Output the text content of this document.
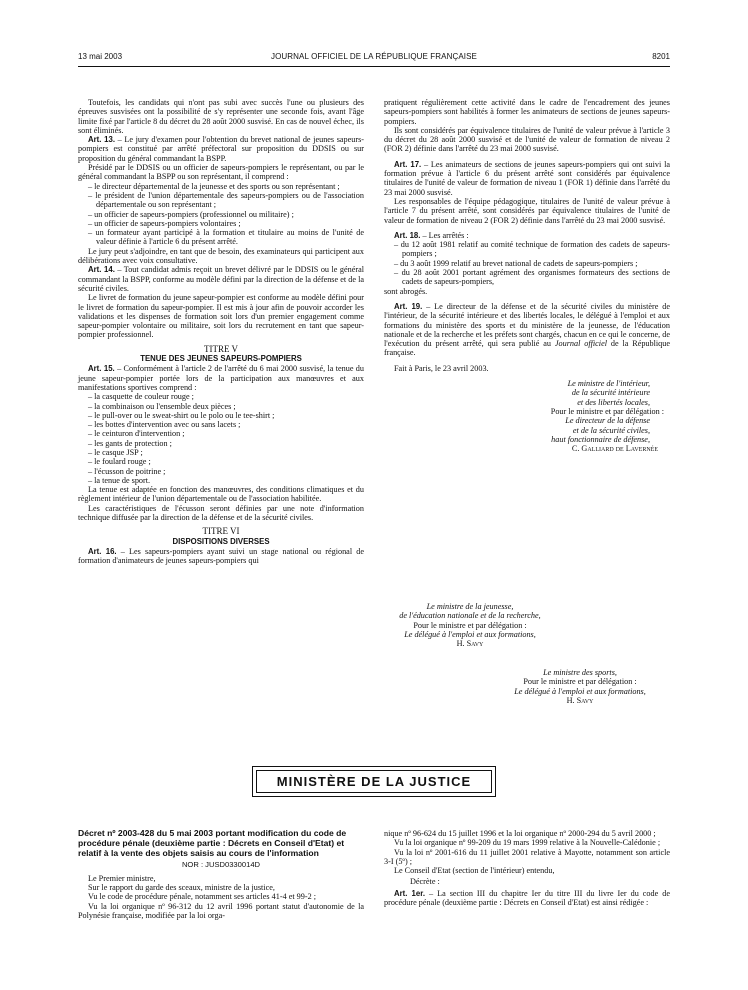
13 mai 2003	JOURNAL OFFICIEL DE LA RÉPUBLIQUE FRANÇAISE	8201

Toutefois, les candidats qui n'ont pas subi avec succès l'une ou plusieurs des épreuves susvisées ont la possibilité de s'y représenter une seconde fois, avant l'âge limite fixé par l'article 8 du décret du 28 août 2000 susvisé. En cas de nouvel échec, ils sont éliminés.

Art. 13. – Le jury d'examen pour l'obtention du brevet national de jeunes sapeurs-pompiers est constitué par arrêté préfectoral sur proposition du DDSIS ou sur proposition du général commandant la BSPP.

Présidé par le DDSIS ou un officier de sapeurs-pompiers le représentant, ou par le général commandant la BSPP ou son représentant, il comprend :

– le directeur départemental de la jeunesse et des sports ou son représentant ;

– le président de l'union départementale des sapeurs-pompiers ou de l'association départementale ou son représentant ;

– un officier de sapeurs-pompiers (professionnel ou militaire) ;

– un officier de sapeurs-pompiers volontaires ;

– un formateur ayant participé à la formation et titulaire au moins de l'unité de valeur définie à l'article 6 du présent arrêté.

Le jury peut s'adjoindre, en tant que de besoin, des examinateurs qui participent aux délibérations avec voix consultative.

Art. 14. – Tout candidat admis reçoit un brevet délivré par le DDSIS ou le général commandant la BSPP, conforme au modèle défini par la direction de la défense et de la sécurité civiles.

Le livret de formation du jeune sapeur-pompier est conforme au modèle défini pour le livret de formation du sapeur-pompier. Il est mis à jour afin de pouvoir accorder les validations et les dispenses de formation soit lors d'un premier engagement comme sapeur-pompier volontaire ou militaire, soit lors du recrutement en tant que sapeur-pompier professionnel.

TITRE V
TENUE DES JEUNES SAPEURS-POMPIERS

Art. 15. – Conformément à l'article 2 de l'arrêté du 6 mai 2000 susvisé, la tenue du jeune sapeur-pompier portée lors de la participation aux manœuvres et aux manifestations sportives comprend :

– la casquette de couleur rouge ;

– la combinaison ou l'ensemble deux pièces ;

– le pull-over ou le sweat-shirt ou le polo ou le tee-shirt ;

– les bottes d'intervention avec ou sans lacets ;

– le ceinturon d'intervention ;

– les gants de protection ;

– le casque JSP ;

– le foulard rouge ;

– l'écusson de poitrine ;

– la tenue de sport.

La tenue est adaptée en fonction des manœuvres, des conditions climatiques et du règlement intérieur de l'union départementale ou de l'association habilitée.

Les caractéristiques de l'écusson seront définies par une note d'information technique diffusée par la direction de la défense et de la sécurité civiles.

TITRE VI
DISPOSITIONS DIVERSES

Art. 16. – Les sapeurs-pompiers ayant suivi un stage national ou régional de formation d'animateurs de jeunes sapeurs-pompiers qui

pratiquent régulièrement cette activité dans le cadre de l'encadrement des jeunes sapeurs-pompiers sont habilités à former les animateurs de sections de jeunes sapeurs-pompiers.

Ils sont considérés par équivalence titulaires de l'unité de valeur prévue à l'article 3 du décret du 28 août 2000 susvisé et de l'unité de valeur de formation de niveau 2 (FOR 2) définie dans l'arrêté du 23 mai 2000 susvisé.

Art. 17. – Les animateurs de sections de jeunes sapeurs-pompiers qui ont suivi la formation prévue à l'article 6 du présent arrêté sont considérés par équivalence titulaires de l'unité de valeur de formation de niveau 1 (FOR 1) définie dans l'arrêté du 23 mai 2000 susvisé.

Les responsables de l'équipe pédagogique, titulaires de l'unité de valeur prévue à l'article 7 du présent arrêté, sont considérés par équivalence titulaires de l'unité de valeur de formation de niveau 2 (FOR 2) définie dans l'arrêté du 23 mai 2000 susvisé.

Art. 18. – Les arrêtés :

– du 12 août 1981 relatif au comité technique de formation des cadets de sapeurs-pompiers ;

– du 3 août 1999 relatif au brevet national de cadets de sapeurs-pompiers ;

– du 28 août 2001 portant agrément des organismes formateurs des sections de cadets de sapeurs-pompiers,

sont abrogés.

Art. 19. – Le directeur de la défense et de la sécurité civiles du ministère de l'intérieur, de la sécurité intérieure et des libertés locales, le délégué à l'emploi et aux formations du ministère des sports et du ministère de la jeunesse, de l'éducation nationale et de la recherche et les préfets sont chargés, chacun en ce qui le concerne, de l'exécution du présent arrêté, qui sera publié au Journal officiel de la République française.

Fait à Paris, le 23 avril 2003.

Le ministre de l'intérieur,

de la sécurité intérieure

et des libertés locales,

Pour le ministre et par délégation :

Le directeur de la défense

et de la sécurité civiles,

haut fonctionnaire de défense,

C. Galliard de Lavernée

Le ministre de la jeunesse,

de l'éducation nationale et de la recherche,

Pour le ministre et par délégation :

Le délégué à l'emploi et aux formations,

H. Savy

Le ministre des sports,

Pour le ministre et par délégation :

Le délégué à l'emploi et aux formations,

H. Savy

MINISTÈRE DE LA JUSTICE

Décret nº 2003-428 du 5 mai 2003 portant modification du code de procédure pénale (deuxième partie : Décrets en Conseil d'Etat) et relatif à la vente des objets saisis au cours de l'information

NOR : JUSD0330014D

Le Premier ministre,

Sur le rapport du garde des sceaux, ministre de la justice,

Vu le code de procédure pénale, notamment ses articles 41-4 et 99-2 ;

Vu la loi organique nº 96-312 du 12 avril 1996 portant statut d'autonomie de la Polynésie française, modifiée par la loi orga-

nique nº 96-624 du 15 juillet 1996 et la loi organique nº 2000-294 du 5 avril 2000 ;

Vu la loi organique nº 99-209 du 19 mars 1999 relative à la Nouvelle-Calédonie ;

Vu la loi nº 2001-616 du 11 juillet 2001 relative à Mayotte, notamment son article 3-I (5º) ;

Le Conseil d'Etat (section de l'intérieur) entendu,

Décrète :

Art. 1er. – La section III du chapitre Ier du titre III du livre Ier du code de procédure pénale (deuxième partie : Décrets en Conseil d'Etat) est ainsi rédigée :
